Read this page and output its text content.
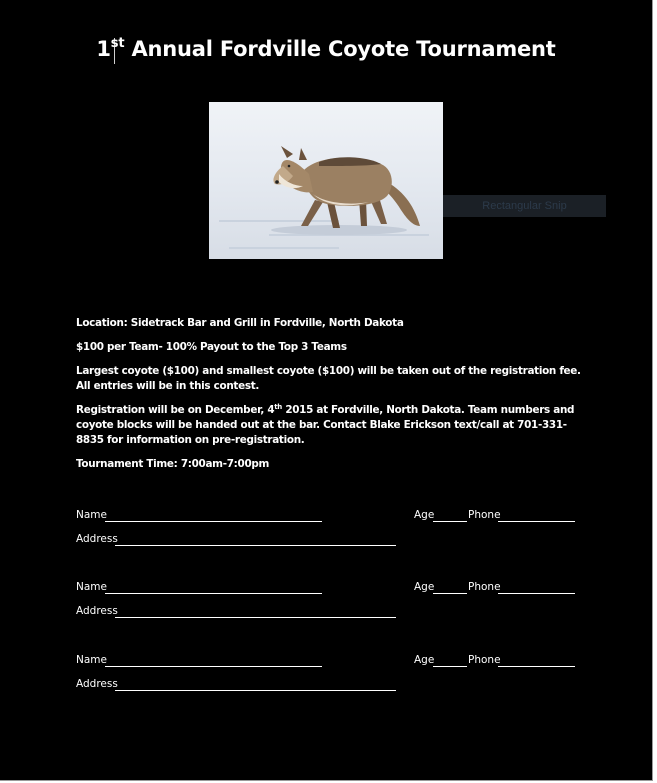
1st Annual Fordville Coyote Tournament
Rectangular Snip

Location: Sidetrack Bar and Grill in Fordville, North Dakota

$100 per Team- 100% Payout to the Top 3 Teams

Largest coyote ($100) and smallest coyote ($100) will be taken out of the registration fee. All entries will be in this contest.

Registration will be on December, 4th 2015 at Fordville, North Dakota. Team numbers and coyote blocks will be handed out at the bar. Contact Blake Erickson text/call at 701-331-8835 for information on pre-registration.

Tournament Time: 7:00am-7:00pm

Name	Age	Phone
Address
Name	Age	Phone
Address
Name	Age	Phone
Address
